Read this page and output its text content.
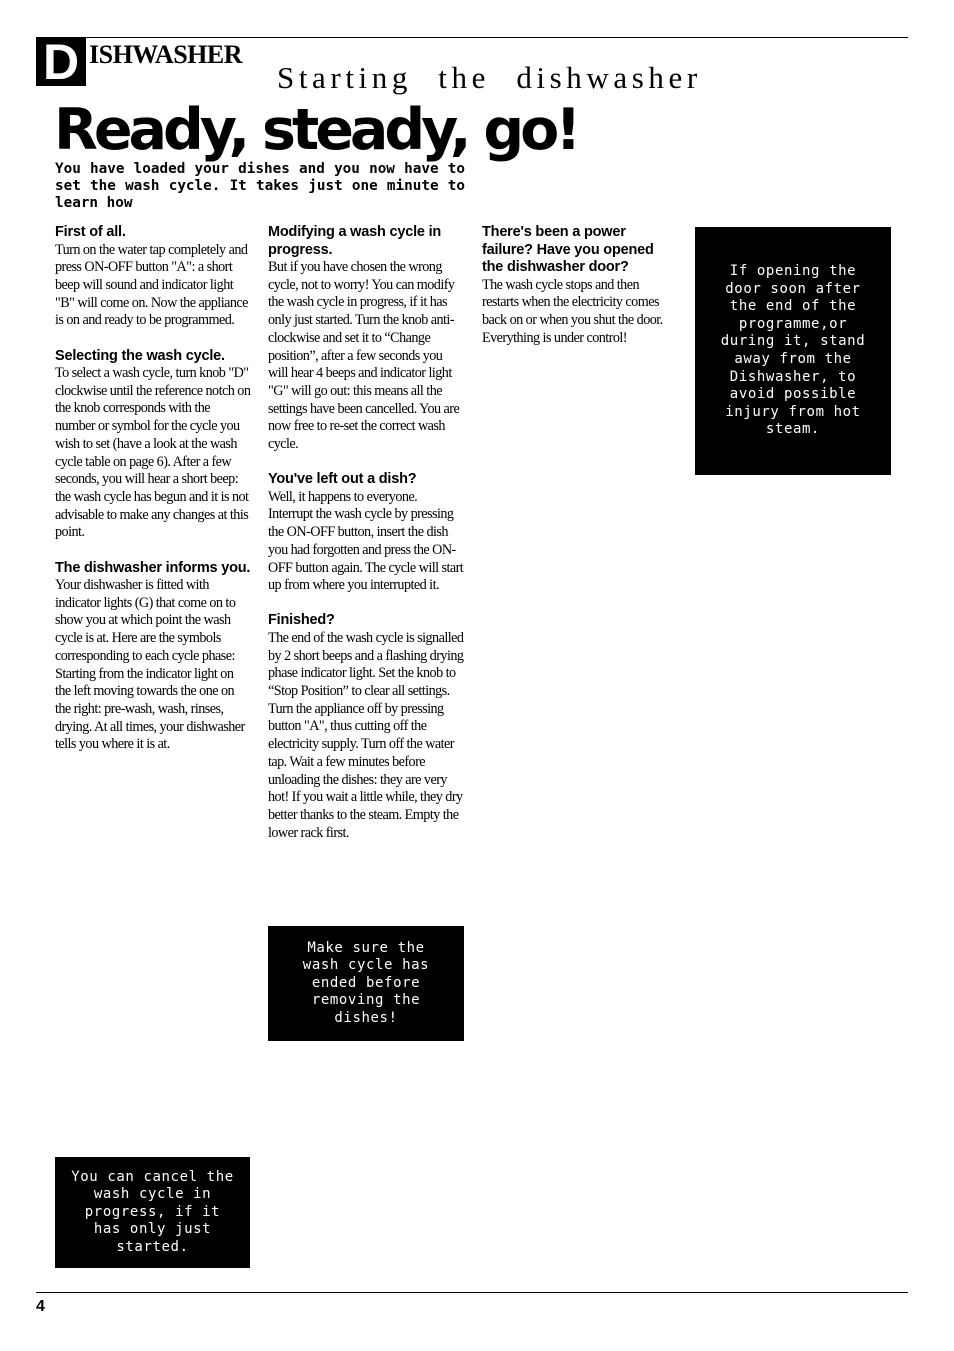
D ISHWASHER
Starting the dishwasher
Ready, steady, go!
You have loaded your dishes and you now have to set the wash cycle. It takes just one minute to learn how
First of all.

Turn on the water tap completely and press ON-OFF button "A": a short beep will sound and indicator light "B" will come on. Now the appliance is on and ready to be programmed.

Selecting the wash cycle.

To select a wash cycle, turn knob "D" clockwise until the reference notch on the knob corresponds with the number or symbol for the cycle you wish to set (have a look at the wash cycle table on page 6). After a few seconds, you will hear a short beep: the wash cycle has begun and it is not advisable to make any changes at this point.

The dishwasher informs you.

Your dishwasher is fitted with indicator lights (G) that come on to show you at which point the wash cycle is at. Here are the symbols corresponding to each cycle phase: Starting from the indicator light on the left moving towards the one on the right: pre-wash, wash, rinses, drying. At all times, your dishwasher tells you where it is at.

Modifying a wash cycle in progress.

But if you have chosen the wrong cycle, not to worry! You can modify the wash cycle in progress, if it has only just started. Turn the knob anti-clockwise and set it to “Change position”, after a few seconds you will hear 4 beeps and indicator light "G" will go out: this means all the settings have been cancelled. You are now free to re-set the correct wash cycle.

You've left out a dish?

Well, it happens to everyone. Interrupt the wash cycle by pressing the ON-OFF button, insert the dish you had forgotten and press the ON-OFF button again. The cycle will start up from where you interrupted it.

Finished?

The end of the wash cycle is signalled by 2 short beeps and a flashing drying phase indicator light. Set the knob to “Stop Position” to clear all settings. Turn the appliance off by pressing button "A", thus cutting off the electricity supply. Turn off the water tap. Wait a few minutes before unloading the dishes: they are very hot! If you wait a little while, they dry better thanks to the steam. Empty the lower rack first.

There's been a power failure? Have you opened the dishwasher door?

The wash cycle stops and then restarts when the electricity comes back on or when you shut the door. Everything is under control!

If opening the door soon after the end of the programme,or during it, stand away from the Dishwasher, to avoid possible injury from hot steam.
Make sure the wash cycle has ended before removing the dishes!
You can cancel the wash cycle in progress, if it has only just started.
4
